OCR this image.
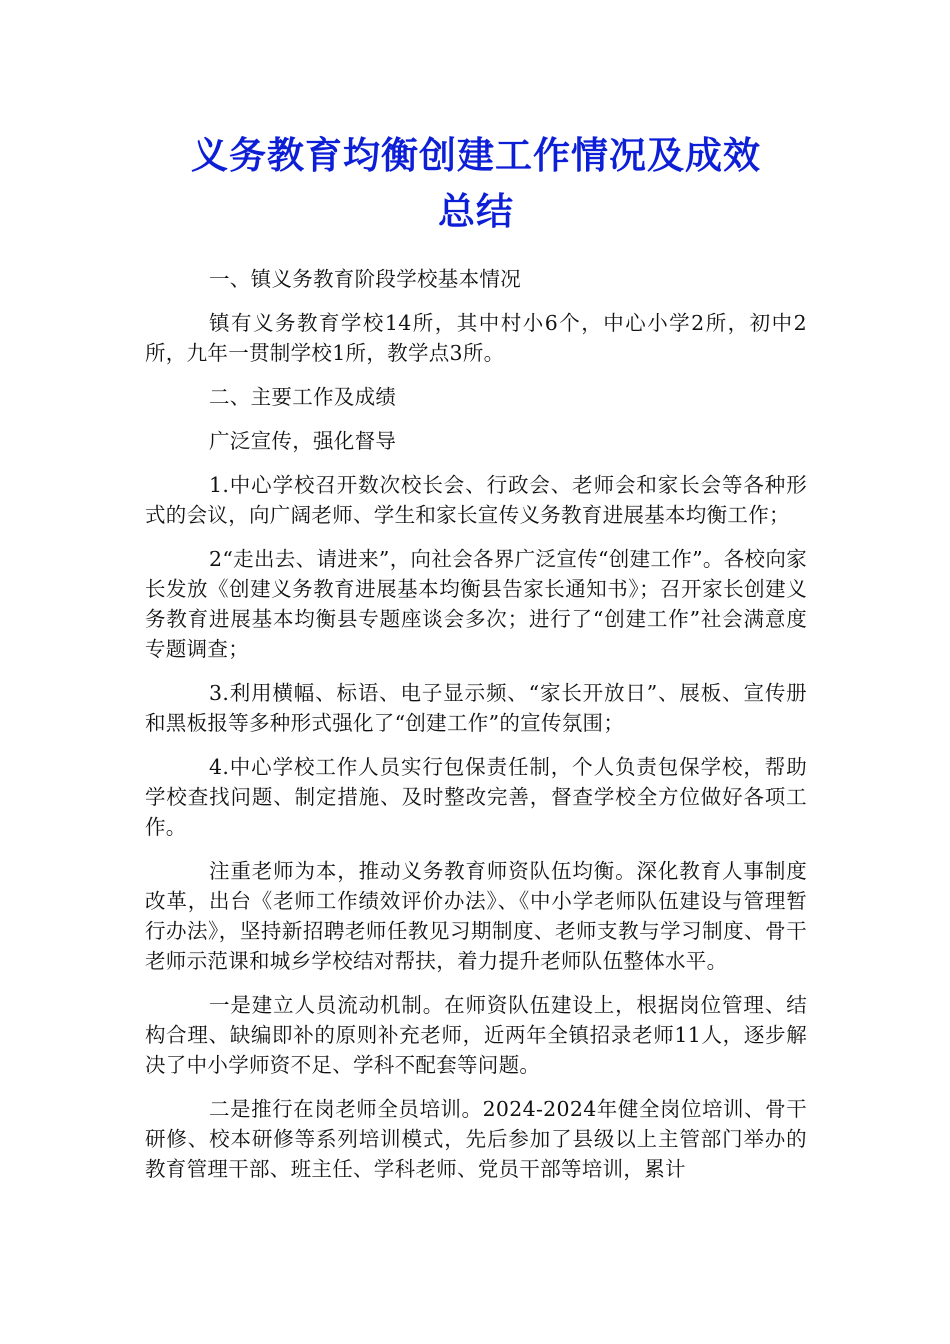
义务教育均衡创建工作情况及成效
总结

一、镇义务教育阶段学校基本情况

镇有义务教育学校14所，其中村小6个，中心小学2所，初中2所，九年一贯制学校1所，教学点3所。

二、主要工作及成绩

广泛宣传，强化督导

1.中心学校召开数次校长会、行政会、老师会和家长会等各种形式的会议，向广阔老师、学生和家长宣传义务教育进展基本均衡工作；

2“走出去、请进来”，向社会各界广泛宣传“创建工作”。各校向家长发放《创建义务教育进展基本均衡县告家长通知书》；召开家长创建义务教育进展基本均衡县专题座谈会多次；进行了“创建工作”社会满意度专题调查；

3.利用横幅、标语、电子显示频、“家长开放日”、展板、宣传册和黑板报等多种形式强化了“创建工作”的宣传氛围；

4.中心学校工作人员实行包保责任制，个人负责包保学校，帮助学校查找问题、制定措施、及时整改完善，督查学校全方位做好各项工作。

注重老师为本，推动义务教育师资队伍均衡。深化教育人事制度改革，出台《老师工作绩效评价办法》、《中小学老师队伍建设与管理暂行办法》，坚持新招聘老师任教见习期制度、老师支教与学习制度、骨干老师示范课和城乡学校结对帮扶，着力提升老师队伍整体水平。

一是建立人员流动机制。在师资队伍建设上，根据岗位管理、结构合理、缺编即补的原则补充老师，近两年全镇招录老师11人，逐步解决了中小学师资不足、学科不配套等问题。

二是推行在岗老师全员培训。2024-2024年健全岗位培训、骨干研修、校本研修等系列培训模式，先后参加了县级以上主管部门举办的教育管理干部、班主任、学科老师、党员干部等培训，累计
